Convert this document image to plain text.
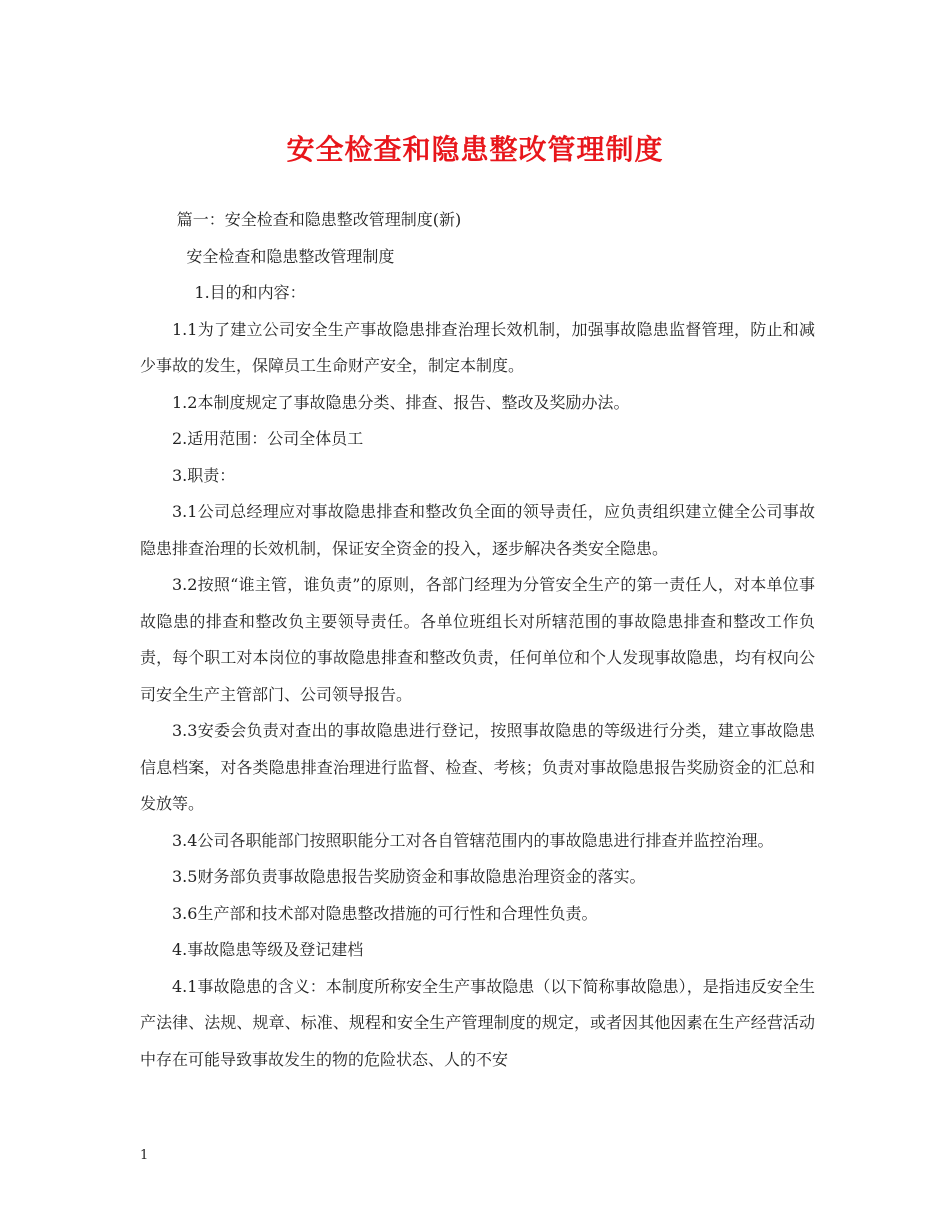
安全检查和隐患整改管理制度

篇一：安全检查和隐患整改管理制度(新)

安全检查和隐患整改管理制度

1.目的和内容：

1.1为了建立公司安全生产事故隐患排查治理长效机制，加强事故隐患监督管理，防止和减少事故的发生，保障员工生命财产安全，制定本制度。

1.2本制度规定了事故隐患分类、排查、报告、整改及奖励办法。

2.适用范围：公司全体员工

3.职责：

3.1公司总经理应对事故隐患排查和整改负全面的领导责任，应负责组织建立健全公司事故隐患排查治理的长效机制，保证安全资金的投入，逐步解决各类安全隐患。

3.2按照“谁主管，谁负责”的原则，各部门经理为分管安全生产的第一责任人，对本单位事故隐患的排查和整改负主要领导责任。各单位班组长对所辖范围的事故隐患排查和整改工作负责，每个职工对本岗位的事故隐患排查和整改负责，任何单位和个人发现事故隐患，均有权向公司安全生产主管部门、公司领导报告。

3.3安委会负责对查出的事故隐患进行登记，按照事故隐患的等级进行分类，建立事故隐患信息档案，对各类隐患排查治理进行监督、检查、考核；负责对事故隐患报告奖励资金的汇总和发放等。

3.4公司各职能部门按照职能分工对各自管辖范围内的事故隐患进行排查并监控治理。

3.5财务部负责事故隐患报告奖励资金和事故隐患治理资金的落实。

3.6生产部和技术部对隐患整改措施的可行性和合理性负责。

4.事故隐患等级及登记建档

4.1事故隐患的含义：本制度所称安全生产事故隐患（以下简称事故隐患），是指违反安全生产法律、法规、规章、标准、规程和安全生产管理制度的规定，或者因其他因素在生产经营活动中存在可能导致事故发生的物的危险状态、人的不安

1
